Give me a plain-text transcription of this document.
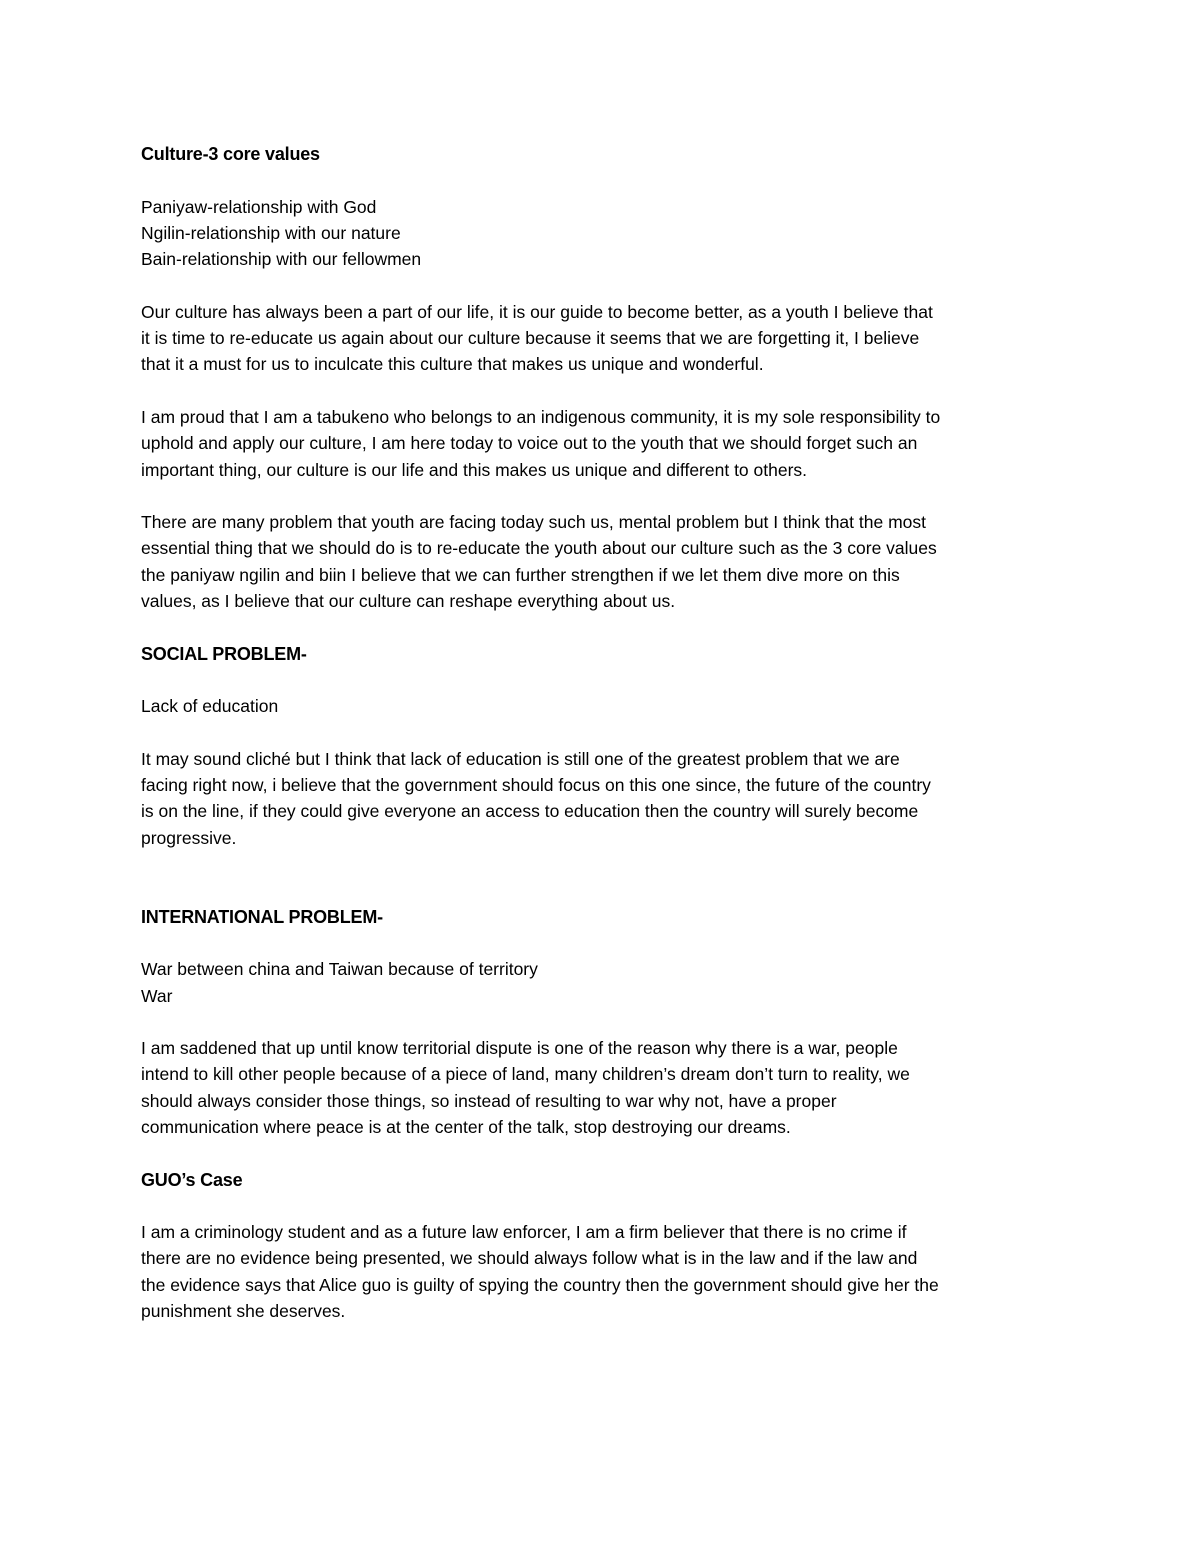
Culture-3 core values
Paniyaw-relationship with God
Ngilin-relationship with our nature
Bain-relationship with our fellowmen
Our culture has always been a part of our life, it is our guide to become better, as a youth I believe that
it is time to re-educate us again about our culture because it seems that we are forgetting it, I believe
that it a must for us to inculcate this culture that makes us unique and wonderful.
I am proud that I am a tabukeno who belongs to an indigenous community, it is my sole responsibility to
uphold and apply our culture, I am here today to voice out to the youth that we should forget such an
important thing, our culture is our life and this makes us unique and different to others.
There are many problem that youth are facing today such us, mental problem but I think that the most
essential thing that we should do is to re-educate the youth about our culture such as the 3 core values
the paniyaw ngilin and biin I believe that we can further strengthen if we let them dive more on this
values, as I believe that our culture can reshape everything about us.
SOCIAL PROBLEM-
Lack of education
It may sound cliché but I think that lack of education is still one of the greatest problem that we are
facing right now, i believe that the government should focus on this one since, the future of the country
is on the line, if they could give everyone an access to education then the country will surely become
progressive.
INTERNATIONAL PROBLEM-
War between china and Taiwan because of territory
War
I am saddened that up until know territorial dispute is one of the reason why there is a war, people
intend to kill other people because of a piece of land, many children’s dream don’t turn to reality, we
should always consider those things, so instead of resulting to war why not, have a proper
communication where peace is at the center of the talk, stop destroying our dreams.
GUO’s Case
I am a criminology student and as a future law enforcer, I am a firm believer that there is no crime if
there are no evidence being presented, we should always follow what is in the law and if the law and
the evidence says that Alice guo is guilty of spying the country then the government should give her the
punishment she deserves.
